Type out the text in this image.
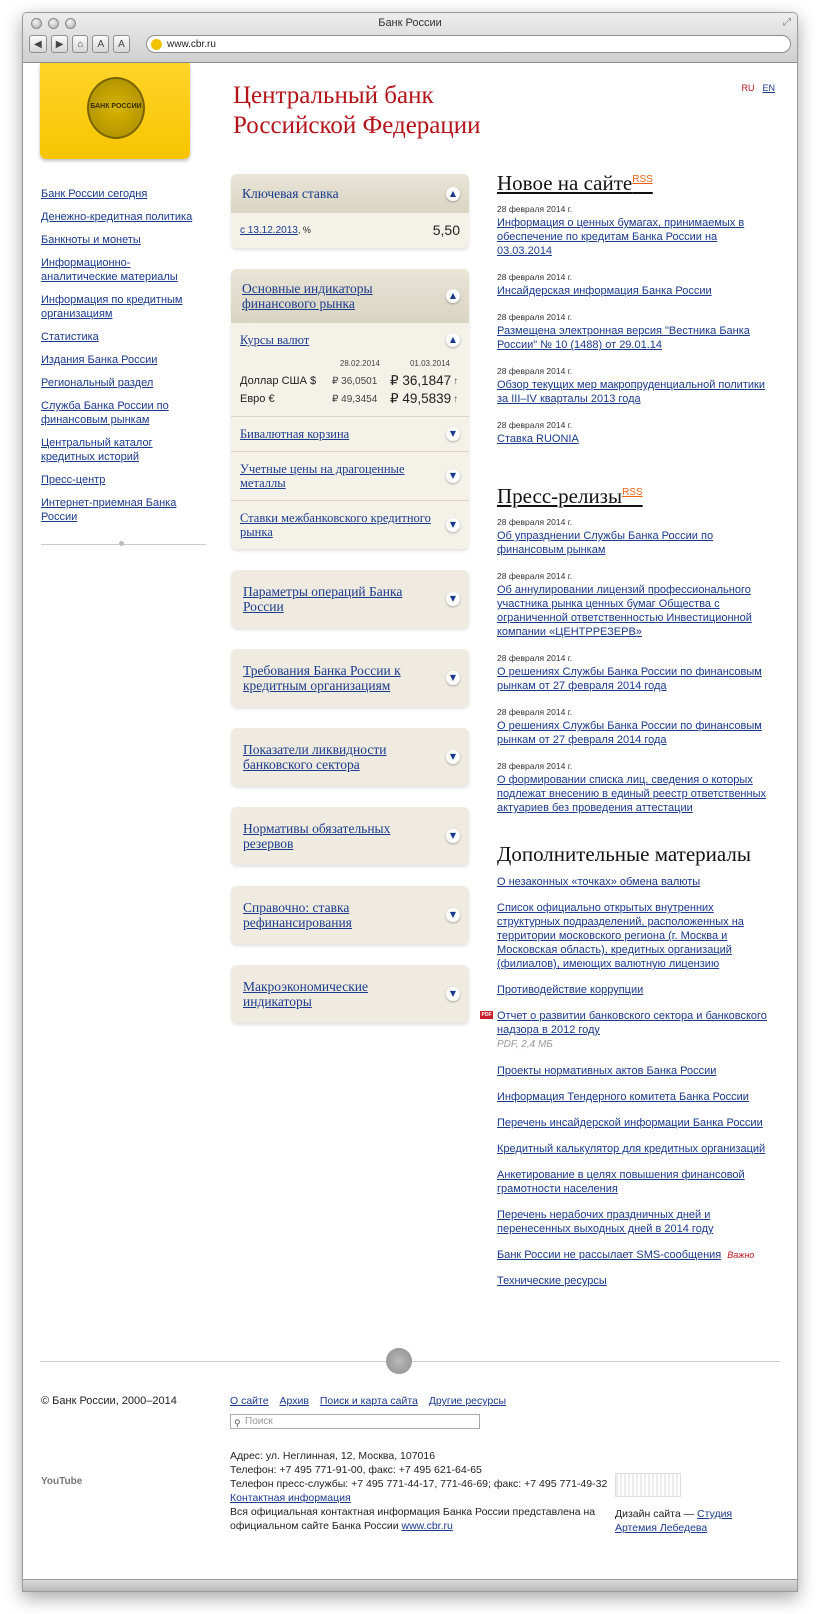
Банк России	⤢
◀	▶	⌂	A	A	www.cbr.ru
БАНК РОССИИ	Центральный банк
Российской Федерации
RU EN
Банк России сегодня
Денежно-кредитная политика
Банкноты и монеты
Информационно-аналитические материалы
Информация по кредитным организациям
Статистика
Издания Банка России
Региональный раздел
Служба Банка России по финансовым рынкам
Центральный каталог кредитных историй
Пресс-центр
Интернет-приемная Банка России
Ключевая ставка	▲
с 13.12.2013, %	5,50
Основные индикаторы финансового рынка
▲
Курсы валют	▲
28.02.2014	01.03.2014
Доллар США $	₽ 36,0501 ₽ 36,1847 ↑
Евро €	₽ 49,3454 ₽ 49,5839 ↑
Бивалютная корзина	▼
Учетные цены на драгоценные металлы
▼
Ставки межбанковского кредитного рынка
▼
Параметры операций Банка России
▼
Требования Банка России к кредитным организациям
▼
Показатели ликвидности банковского сектора
▼
Нормативы обязательных резервов
▼
Справочно: ставка рефинансирования
▼
Макроэкономические индикаторы
▼
Новое на сайте$^{RSS}$
28 февраля 2014 г.
Информация о ценных бумагах, принимаемых в обеспечение по кредитам Банка России на 03.03.2014
28 февраля 2014 г.
Инсайдерская информация Банка России
28 февраля 2014 г.
Размещена электронная версия "Вестника Банка России" № 10 (1488) от 29.01.14
28 февраля 2014 г.
Обзор текущих мер макропруденциальной политики за III–IV кварталы 2013 года
28 февраля 2014 г.
Ставка RUONIA
Пресс-релизы$^{RSS}$
28 февраля 2014 г.
Об упразднении Службы Банка России по финансовым рынкам
28 февраля 2014 г.
Об аннулировании лицензий профессионального участника рынка ценных бумаг Общества с ограниченной ответственностью Инвестиционной компании «ЦЕНТРРЕЗЕРВ»
28 февраля 2014 г.
О решениях Службы Банка России по финансовым рынкам от 27 февраля 2014 года
28 февраля 2014 г.
О решениях Службы Банка России по финансовым рынкам от 27 февраля 2014 года
28 февраля 2014 г.
О формировании списка лиц, сведения о которых подлежат внесению в единый реестр ответственных актуариев без проведения аттестации
Дополнительные материалы
О незаконных «точках» обмена валюты
Список официально открытых внутренних структурных подразделений, расположенных на территории московского региона (г. Москва и Московская область), кредитных организаций (филиалов), имеющих валютную лицензию
Противодействие коррупции
PDF Отчет о развитии банковского сектора и банковского надзора в 2012 году
PDF, 2,4 МБ
Проекты нормативных актов Банка России
Информация Тендерного комитета Банка России
Перечень инсайдерской информации Банка России
Кредитный калькулятор для кредитных организаций
Анкетирование в целях повышения финансовой грамотности населения
Перечень нерабочих праздничных дней и перенесенных выходных дней в 2014 году
Банк России не рассылает SMS-сообщения Важно
Технические ресурсы
© Банк России, 2000–2014
YouTube
О сайте Архив Поиск и карта сайта Другие ресурсы
⚲ Поиск
Адрес: ул. Неглинная, 12, Москва, 107016
Телефон: +7 495 771-91-00, факс: +7 495 621-64-65
Телефон пресс-службы: +7 495 771-44-17, 771-46-69; факс: +7 495 771-49-32
Контактная информация
Вся официальная контактная информация Банка России представлена на официальном сайте Банка России www.cbr.ru
Дизайн сайта — Студия Артемия Лебедева
